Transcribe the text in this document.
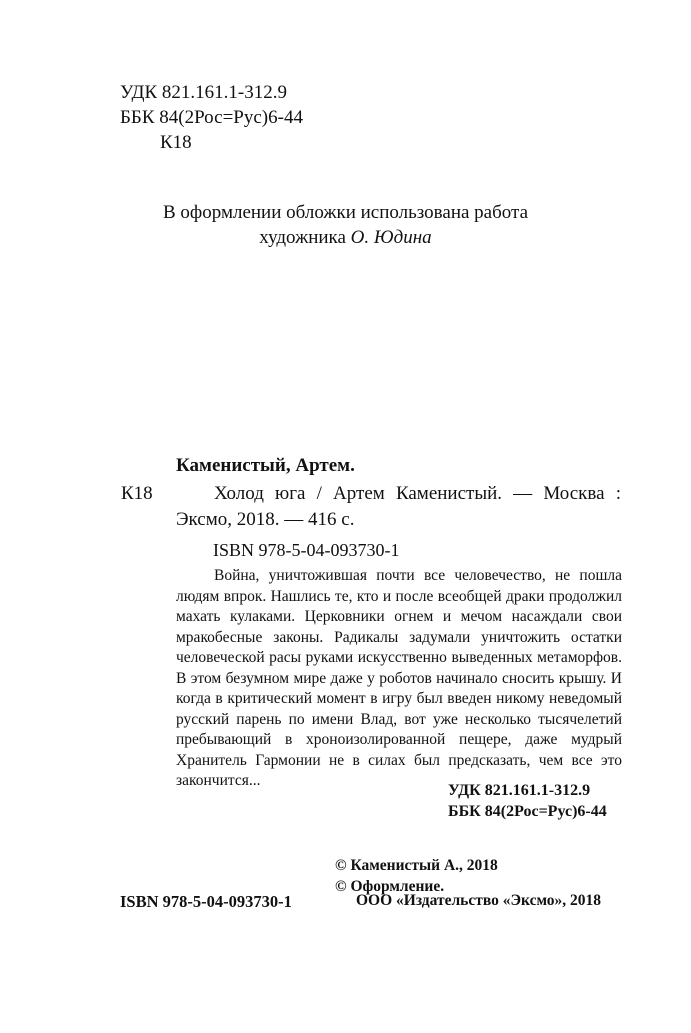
УДК 821.161.1-312.9
ББК 84(2Рос=Рус)6-44
К18
В оформлении обложки использована работа
художника О. Юдина
Каменистый, Артем.
К18	Холод юга / Артем Каменистый. — Москва : Эксмо, 2018. — 416 с.
ISBN 978-5-04-093730-1
Война, уничтожившая почти все человечество, не пошла людям впрок. Нашлись те, кто и после всеобщей драки продолжил махать кулаками. Церковники огнем и мечом насаждали свои мракобесные законы. Радикалы задумали уничтожить остатки человеческой расы руками искусственно выведенных метаморфов. В этом безумном мире даже у роботов начинало сносить крышу. И когда в критический момент в игру был введен никому неведомый русский парень по имени Влад, вот уже несколько тысячелетий пребывающий в хроноизолированной пещере, даже мудрый Хранитель Гармонии не в силах был предсказать, чем все это закончится...
УДК 821.161.1-312.9
ББК 84(2Рос=Рус)6-44
© Каменистый А., 2018
© Оформление.
ISBN 978-5-04-093730-1	ООО «Издательство «Эксмо», 2018
